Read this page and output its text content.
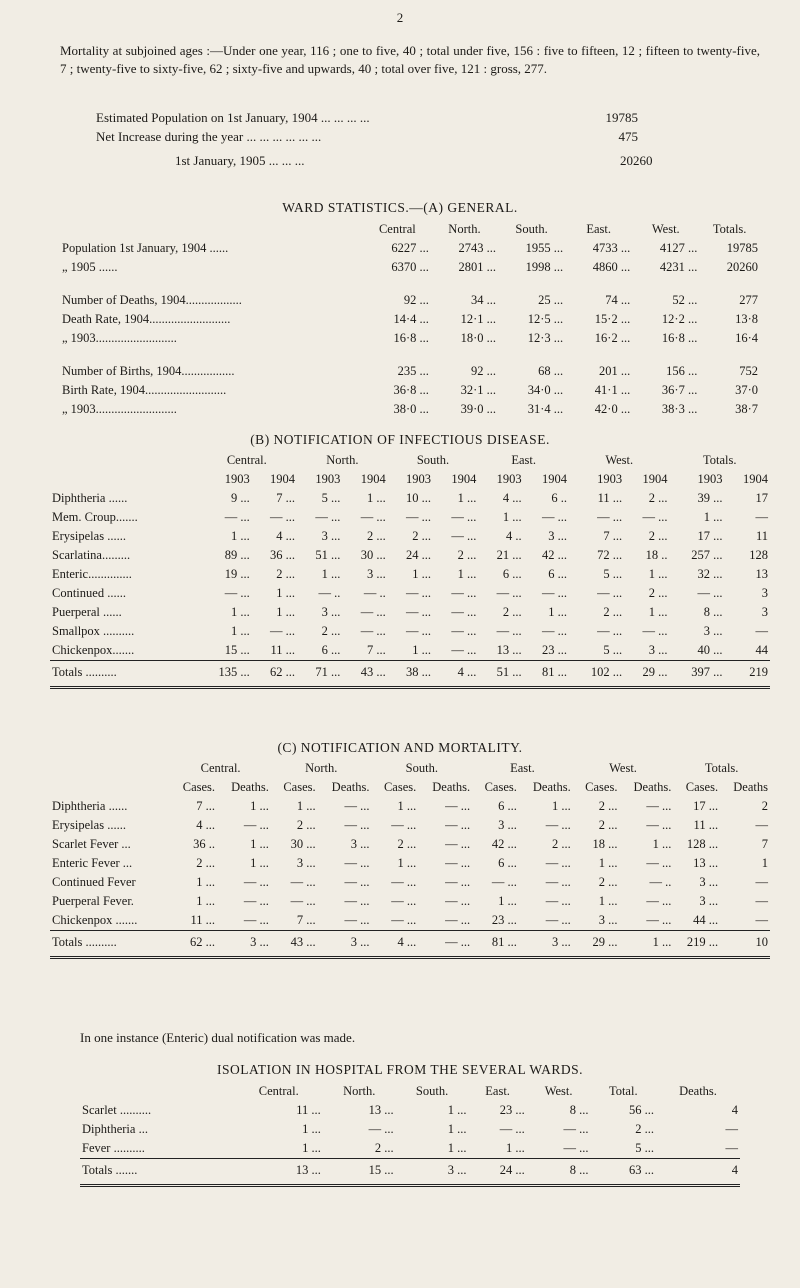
2
Mortality at subjoined ages :—Under one year, 116 ; one to five, 40 ; total under five, 156 : five to fifteen, 12 ; fifteen to twenty-five, 7 ; twenty-five to sixty-five, 62 ; sixty-five and upwards, 40 ; total over five, 121 : gross, 277.
Estimated Population on 1st January, 1904 ... ... ... ...	19785
Net Increase during the year ... ... ... ... ... ...	475
1st January, 1905 ... ... ...	20260
WARD STATISTICS.—(A) GENERAL.
	Central	North.	South.	East.	West.	Totals.
Population 1st January, 1904 ......	6227 ...	2743 ...	1955 ...	4733 ...	4127 ...	19785
„ 1905 ......	6370 ...	2801 ...	1998 ...	4860 ...	4231 ...	20260

Number of Deaths, 1904..................	92 ...	34 ...	25 ...	74 ...	52 ...	277
Death Rate, 1904..........................	14·4 ...	12·1 ...	12·5 ...	15·2 ...	12·2 ...	13·8
„ 1903..........................	16·8 ...	18·0 ...	12·3 ...	16·2 ...	16·8 ...	16·4

Number of Births, 1904.................	235 ...	92 ...	68 ...	201 ...	156 ...	752
Birth Rate, 1904..........................	36·8 ...	32·1 ...	34·0 ...	41·1 ...	36·7 ...	37·0
„ 1903..........................	38·0 ...	39·0 ...	31·4 ...	42·0 ...	38·3 ...	38·7
(B) NOTIFICATION OF INFECTIOUS DISEASE.
	Central.		North.		South.		East.		West.		Totals.	
	1903	1904	1903	1904	1903	1904	1903	1904	1903	1904	1903	1904
Diphtheria ......	9 ...	7 ...	5 ...	1 ...	10 ...	1 ...	4 ...	6 ..	11 ...	2 ...	39 ...	17
Mem. Croup.......	— ...	— ...	— ...	— ...	— ...	— ...	1 ...	— ...	— ...	— ...	1 ...	—
Erysipelas ......	1 ...	4 ...	3 ...	2 ...	2 ...	— ...	4 ..	3 ...	7 ...	2 ...	17 ...	11
Scarlatina.........	89 ...	36 ...	51 ...	30 ...	24 ...	2 ...	21 ...	42 ...	72 ...	18 ..	257 ...	128
Enteric..............	19 ...	2 ...	1 ...	3 ...	1 ...	1 ...	6 ...	6 ...	5 ...	1 ...	32 ...	13
Continued ......	— ...	1 ...	— ..	— ..	— ...	— ...	— ...	— ...	— ...	2 ...	— ...	3
Puerperal ......	1 ...	1 ...	3 ...	— ...	— ...	— ...	2 ...	1 ...	2 ...	1 ...	8 ...	3
Smallpox ..........	1 ...	— ...	2 ...	— ...	— ...	— ...	— ...	— ...	— ...	— ...	3 ...	—
Chickenpox.......	15 ...	11 ...	6 ...	7 ...	1 ...	— ...	13 ...	23 ...	5 ...	3 ...	40 ...	44
Totals ..........	135 ...	62 ...	71 ...	43 ...	38 ...	4 ...	51 ...	81 ...	102 ...	29 ...	397 ...	219

(C) NOTIFICATION AND MORTALITY.
	Central.		North.		South.		East.		West.		Totals.	
	Cases.	Deaths.	Cases.	Deaths.	Cases.	Deaths.	Cases.	Deaths.	Cases.	Deaths.	Cases.	Deaths
Diphtheria ......	7 ...	1 ...	1 ...	— ...	1 ...	— ...	6 ...	1 ...	2 ...	— ...	17 ...	2
Erysipelas ......	4 ...	— ...	2 ...	— ...	— ...	— ...	3 ...	— ...	2 ...	— ...	11 ...	—
Scarlet Fever ...	36 ..	1 ...	30 ...	3 ...	2 ...	— ...	42 ...	2 ...	18 ...	1 ...	128 ...	7
Enteric Fever ...	2 ...	1 ...	3 ...	— ...	1 ...	— ...	6 ...	— ...	1 ...	— ...	13 ...	1
Continued Fever	1 ...	— ...	— ...	— ...	— ...	— ...	— ...	— ...	2 ...	— ..	3 ...	—
Puerperal Fever.	1 ...	— ...	— ...	— ...	— ...	— ...	1 ...	— ...	1 ...	— ...	3 ...	—
Chickenpox .......	11 ...	— ...	7 ...	— ...	— ...	— ...	23 ...	— ...	3 ...	— ...	44 ...	—
Totals ..........	62 ...	3 ...	43 ...	3 ...	4 ...	— ...	81 ...	3 ...	29 ...	1 ...	219 ...	10

In one instance (Enteric) dual notification was made.
ISOLATION IN HOSPITAL FROM THE SEVERAL WARDS.
	Central.	North.	South.	East.	West.	Total.	Deaths.
Scarlet ..........	11 ...	13 ...	1 ...	23 ...	8 ...	56 ...	4
Diphtheria ...	1 ...	— ...	1 ...	— ...	— ...	2 ...	—
Fever ..........	1 ...	2 ...	1 ...	1 ...	— ...	5 ...	—
Totals .......	13 ...	15 ...	3 ...	24 ...	8 ...	63 ...	4
